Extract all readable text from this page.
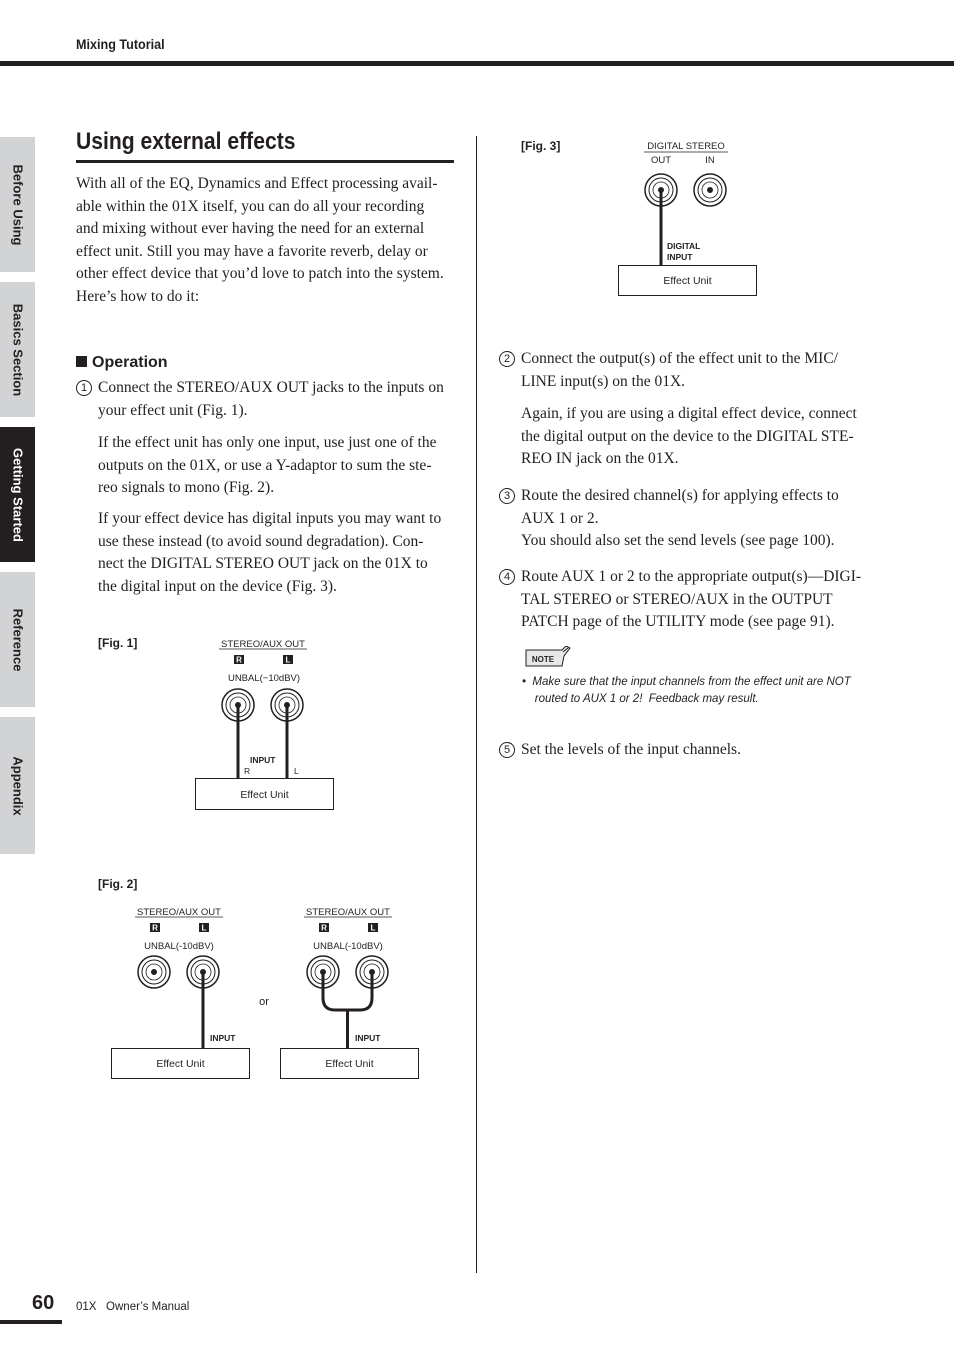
Mixing Tutorial
Before Using
Basics Section
Getting Started
Reference
Appendix
Using external effects
With all of the EQ, Dynamics and Effect processing avail-
able within the 01X itself, you can do all your recording
and mixing without ever having the need for an external
effect unit. Still you may have a favorite reverb, delay or
other effect device that you’d love to patch into the system.
Here’s how to do it:
Operation
1 Connect the STEREO/AUX OUT jacks to the inputs on
your effect unit (Fig. 1).
If the effect unit has only one input, use just one of the
outputs on the 01X, or use a Y-adaptor to sum the ste-
reo signals to mono (Fig. 2).
If your effect device has digital inputs you may want to
use these instead (to avoid sound degradation). Con-
nect the DIGITAL STEREO OUT jack on the 01X to
the digital input on the device (Fig. 3).
[Fig. 1]	STEREO/AUX OUT
R	L
UNBAL(−10dBV)
INPUT
R	L
Effect Unit
[Fig. 2]
STEREO/AUX OUT
R	L
UNBAL(-10dBV)
INPUT
Effect Unit
or
STEREO/AUX OUT
R	L
UNBAL(-10dBV)
INPUT
Effect Unit
[Fig. 3]	DIGITAL STEREO
OUT	IN
DIGITAL
INPUT
Effect Unit
2 Connect the output(s) of the effect unit to the MIC/
LINE input(s) on the 01X.
Again, if you are using a digital effect device, connect
the digital output on the device to the DIGITAL STE-
REO IN jack on the 01X.
3 Route the desired channel(s) for applying effects to
AUX 1 or 2.
You should also set the send levels (see page 100).
4 Route AUX 1 or 2 to the appropriate output(s)—DIGI-
TAL STEREO or STEREO/AUX in the OUTPUT
PATCH page of the UTILITY mode (see page 91).
NOTE
•  Make sure that the input channels from the effect unit are NOT
routed to AUX 1 or 2!  Feedback may result.
5 Set the levels of the input channels.
60 01X   Owner’s Manual
